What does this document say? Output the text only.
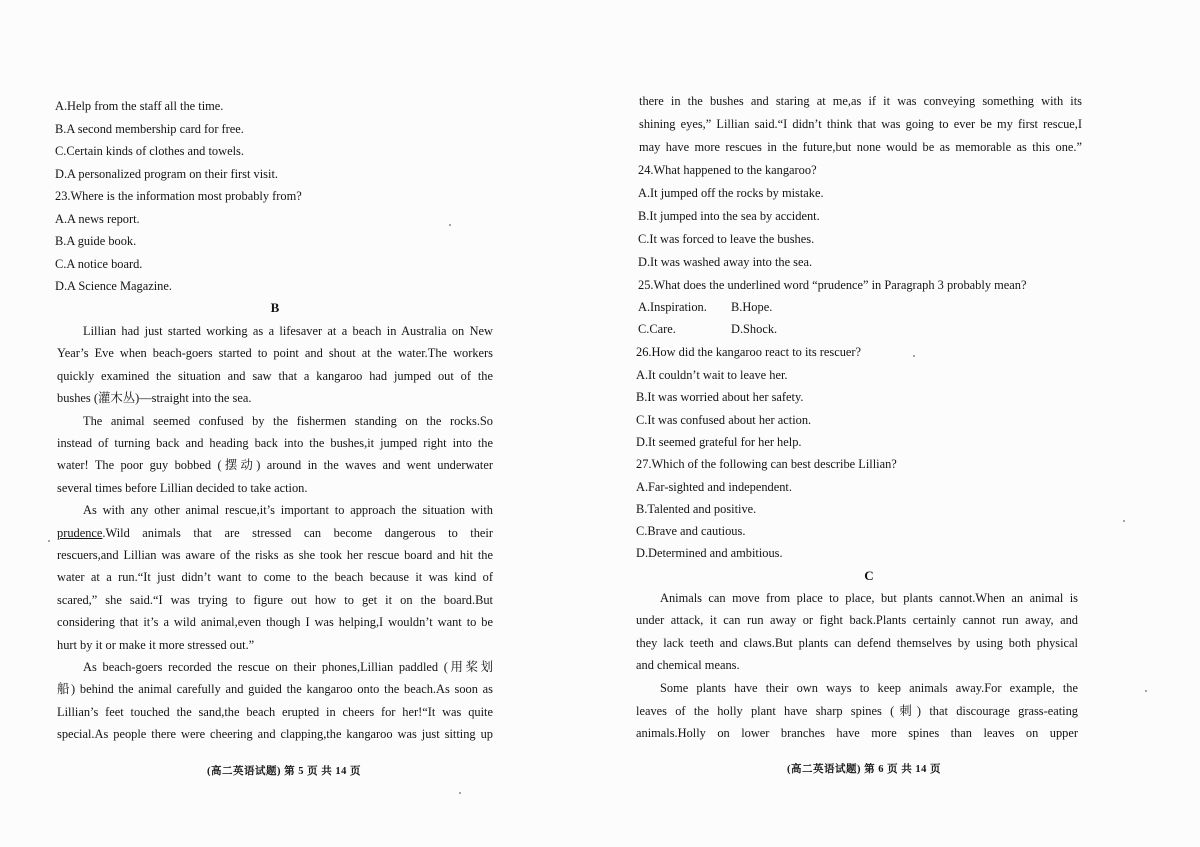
A.Help from the staff all the time.

B.A second membership card for free.

C.Certain kinds of clothes and towels.

D.A personalized program on their first visit.

23.Where is the information most probably from?

A.A news report.

B.A guide book.

C.A notice board.

D.A Science Magazine.

B

Lillian had just started working as a lifesaver at a beach in Australia on New

Year’s Eve when beach-goers started to point and shout at the water.The workers

quickly examined the situation and saw that a kangaroo had jumped out of the

bushes (灌木丛)—straight into the sea.

The animal seemed confused by the fishermen standing on the rocks.So

instead of turning back and heading back into the bushes,it jumped right into the

water! The poor guy bobbed (摆动) around in the waves and went underwater

several times before Lillian decided to take action.

As with any other animal rescue,it’s important to approach the situation with

prudence.Wild animals that are stressed can become dangerous to their

rescuers,and Lillian was aware of the risks as she took her rescue board and hit the

water at a run.“It just didn’t want to come to the beach because it was kind of

scared,” she said.“I was trying to figure out how to get it on the board.But

considering that it’s a wild animal,even though I was helping,I wouldn’t want to be

hurt by it or make it more stressed out.”

As beach-goers recorded the rescue on their phones,Lillian paddled (用桨划

船) behind the animal carefully and guided the kangaroo onto the beach.As soon as

Lillian’s feet touched the sand,the beach erupted in cheers for her!“It was quite

special.As people there were cheering and clapping,the kangaroo was just sitting up

(高二英语试题) 第 5 页 共 14 页

there in the bushes and staring at me,as if it was conveying something with its

shining eyes,” Lillian said.“I didn’t think that was going to ever be my first rescue,I

may have more rescues in the future,but none would be as memorable as this one.”

24.What happened to the kangaroo?

A.It jumped off the rocks by mistake.

B.It jumped into the sea by accident.

C.It was forced to leave the bushes.

D.It was washed away into the sea.

25.What does the underlined word “prudence” in Paragraph 3 probably mean?

A.Inspiration. B.Hope.

C.Care.	D.Shock.

26.How did the kangaroo react to its rescuer?

A.It couldn’t wait to leave her.

B.It was worried about her safety.

C.It was confused about her action.

D.It seemed grateful for her help.

27.Which of the following can best describe Lillian?

A.Far-sighted and independent.

B.Talented and positive.

C.Brave and cautious.

D.Determined and ambitious.

C

Animals can move from place to place, but plants cannot.When an animal is

under attack, it can run away or fight back.Plants certainly cannot run away, and

they lack teeth and claws.But plants can defend themselves by using both physical

and chemical means.

Some plants have their own ways to keep animals away.For example, the

leaves of the holly plant have sharp spines (刺) that discourage grass-eating

animals.Holly on lower branches have more spines than leaves on upper

(高二英语试题) 第 6 页 共 14 页
